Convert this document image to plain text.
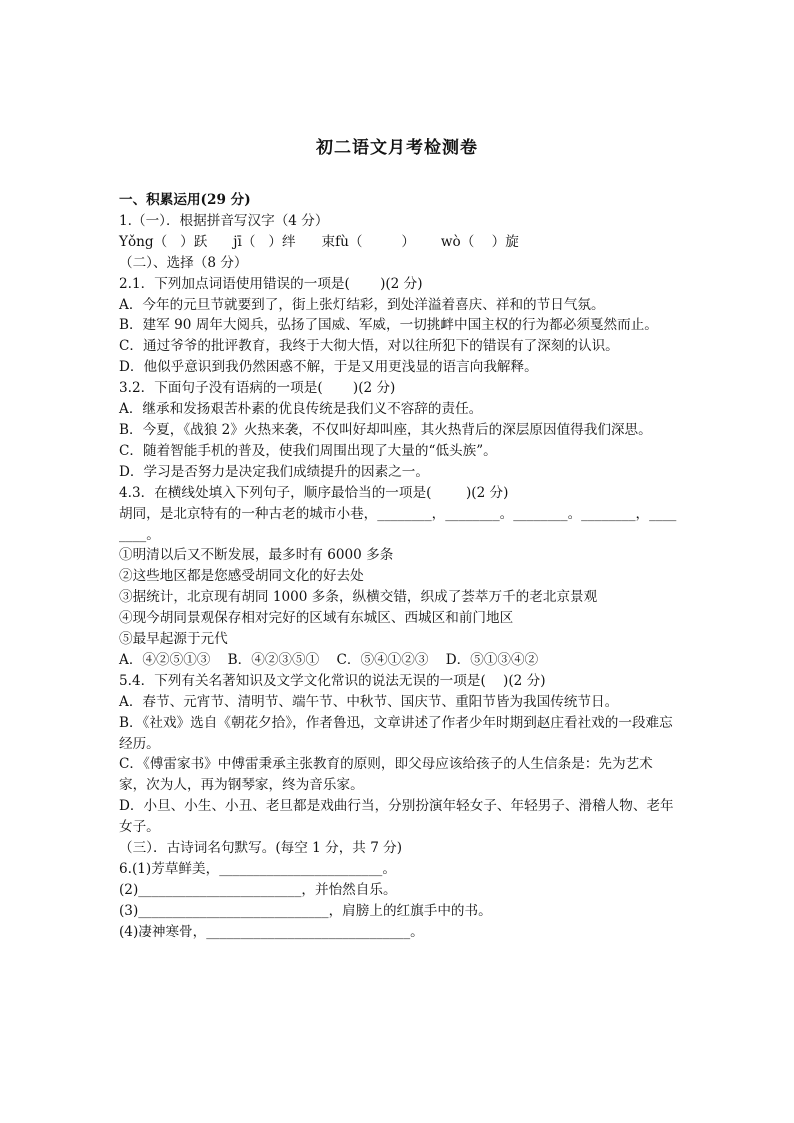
初二语文月考检测卷
一、积累运用(29 分)
1.（一）．根据拼音写汉字（4 分）
Yǒng（   ）跃      jī（   ）绊      束fù（         ）      wò（    ）旋
（二）、选择（8 分）
2.1．下列加点词语使用错误的一项是(       )(2 分)
A．今年的元旦节就要到了，街上张灯结彩，到处洋溢着喜庆、祥和的节日气氛。
B．建军 90 周年大阅兵，弘扬了国威、军威，一切挑衅中国主权的行为都必须戛然而止。
C．通过爷爷的批评教育，我终于大彻大悟，对以往所犯下的错误有了深刻的认识。
D．他似乎意识到我仍然困惑不解，于是又用更浅显的语言向我解释。
3.2．下面句子没有语病的一项是(       )(2 分)
A．继承和发扬艰苦朴素的优良传统是我们义不容辞的责任。
B．今夏，《战狼 2》火热来袭，不仅叫好却叫座，其火热背后的深层原因值得我们深思。
C．随着智能手机的普及，使我们周围出现了大量的“低头族”。
D．学习是否努力是决定我们成绩提升的因素之一。
4.3．在横线处填入下列句子，顺序最恰当的一项是(        )(2 分)
胡同，是北京特有的一种古老的城市小巷，________，________。________。________，________。
①明清以后又不断发展，最多时有 6000 多条
②这些地区都是您感受胡同文化的好去处
③据统计，北京现有胡同 1000 多条，纵横交错，织成了荟萃万千的老北京景观
④现今胡同景观保存相对完好的区域有东城区、西城区和前门地区
⑤最早起源于元代
A．④②⑤①③    B．④②③⑤①    C．⑤④①②③    D．⑤①③④②
5.4．下列有关名著知识及文学文化常识的说法无误的一项是(    )(2 分)
A．春节、元宵节、清明节、端午节、中秋节、国庆节、重阳节皆为我国传统节日。
B．《社戏》选自《朝花夕拾》，作者鲁迅，文章讲述了作者少年时期到赵庄看社戏的一段难忘经历。
C．《傅雷家书》中傅雷秉承主张教育的原则，即父母应该给孩子的人生信条是：先为艺术家，次为人，再为钢琴家，终为音乐家。
D．小旦、小生、小丑、老旦都是戏曲行当，分别扮演年轻女子、年轻男子、滑稽人物、老年女子。
（三）．古诗词名句默写。(每空 1 分，共 7 分)
6.(1)芳草鲜美，________________________。
(2)________________________，并怡然自乐。
(3)____________________________，肩膀上的红旗手中的书。
(4)凄神寒骨，______________________________。
